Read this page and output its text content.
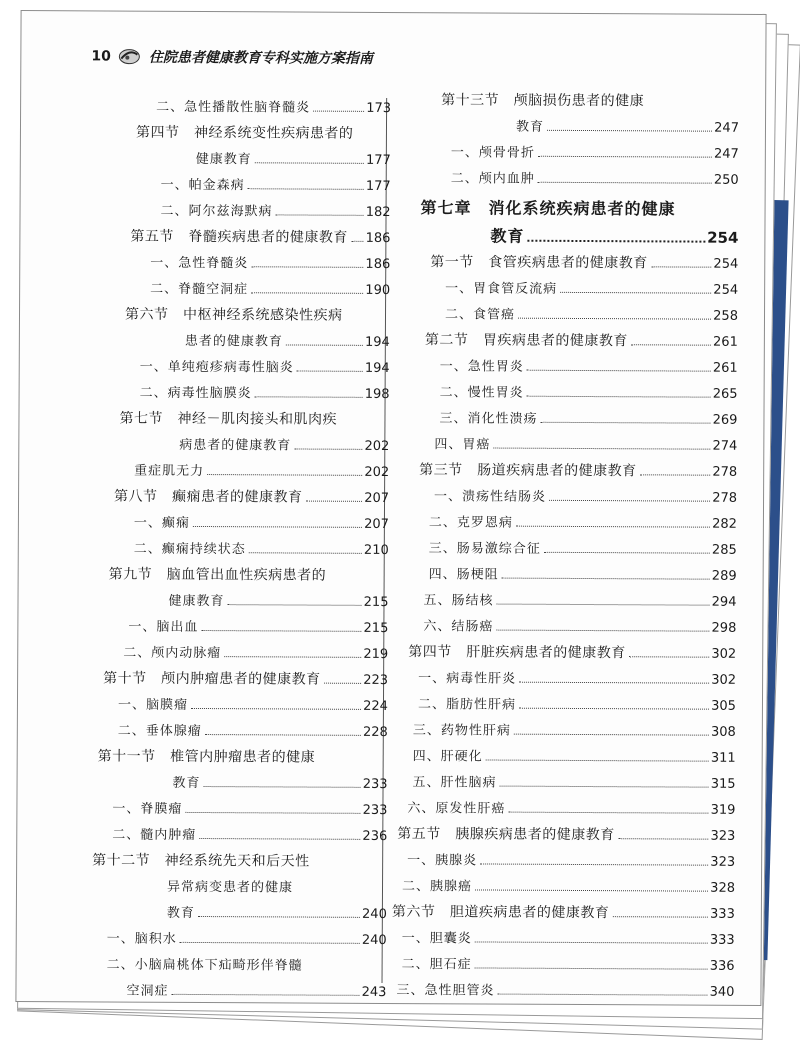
10	住院患者健康教育专科实施方案指南
二、急性播散性脑脊髓炎	173
第四节　神经系统变性疾病患者的
健康教育	177
一、帕金森病	177
二、阿尔兹海默病	182
第五节　脊髓疾病患者的健康教育 186
一、急性脊髓炎	186
二、脊髓空洞症	190
第六节　中枢神经系统感染性疾病
患者的健康教育	194
一、单纯疱疹病毒性脑炎	194
二、病毒性脑膜炎	198
第七节　神经－肌肉接头和肌肉疾
病患者的健康教育	202
重症肌无力	202
第八节　癫痫患者的健康教育	207
一、癫痫	207
二、癫痫持续状态	210
第九节　脑血管出血性疾病患者的
健康教育	215
一、脑出血	215
二、颅内动脉瘤	219
第十节　颅内肿瘤患者的健康教育	223
一、脑膜瘤	224
二、垂体腺瘤	228
第十一节　椎管内肿瘤患者的健康
教育	233
一、脊膜瘤	233
二、髓内肿瘤	236
第十二节　神经系统先天和后天性
异常病变患者的健康
教育	240
一、脑积水	240
二、小脑扁桃体下疝畸形伴脊髓
空洞症	243
第十三节　颅脑损伤患者的健康
教育	247
一、颅骨骨折	247
二、颅内血肿	250
第七章　消化系统疾病患者的健康
教育	254
第一节　食管疾病患者的健康教育	254
一、胃食管反流病	254
二、食管癌	258
第二节　胃疾病患者的健康教育	261
一、急性胃炎	261
二、慢性胃炎	265
三、消化性溃疡	269
四、胃癌	274
第三节　肠道疾病患者的健康教育	278
一、溃疡性结肠炎	278
二、克罗恩病	282
三、肠易激综合征	285
四、肠梗阻	289
五、肠结核	294
六、结肠癌	298
第四节　肝脏疾病患者的健康教育	302
一、病毒性肝炎	302
二、脂肪性肝病	305
三、药物性肝病	308
四、肝硬化	311
五、肝性脑病	315
六、原发性肝癌	319
第五节　胰腺疾病患者的健康教育	323
一、胰腺炎	323
二、胰腺癌	328
第六节　胆道疾病患者的健康教育	333
一、胆囊炎	333
二、胆石症	336
三、急性胆管炎	340
